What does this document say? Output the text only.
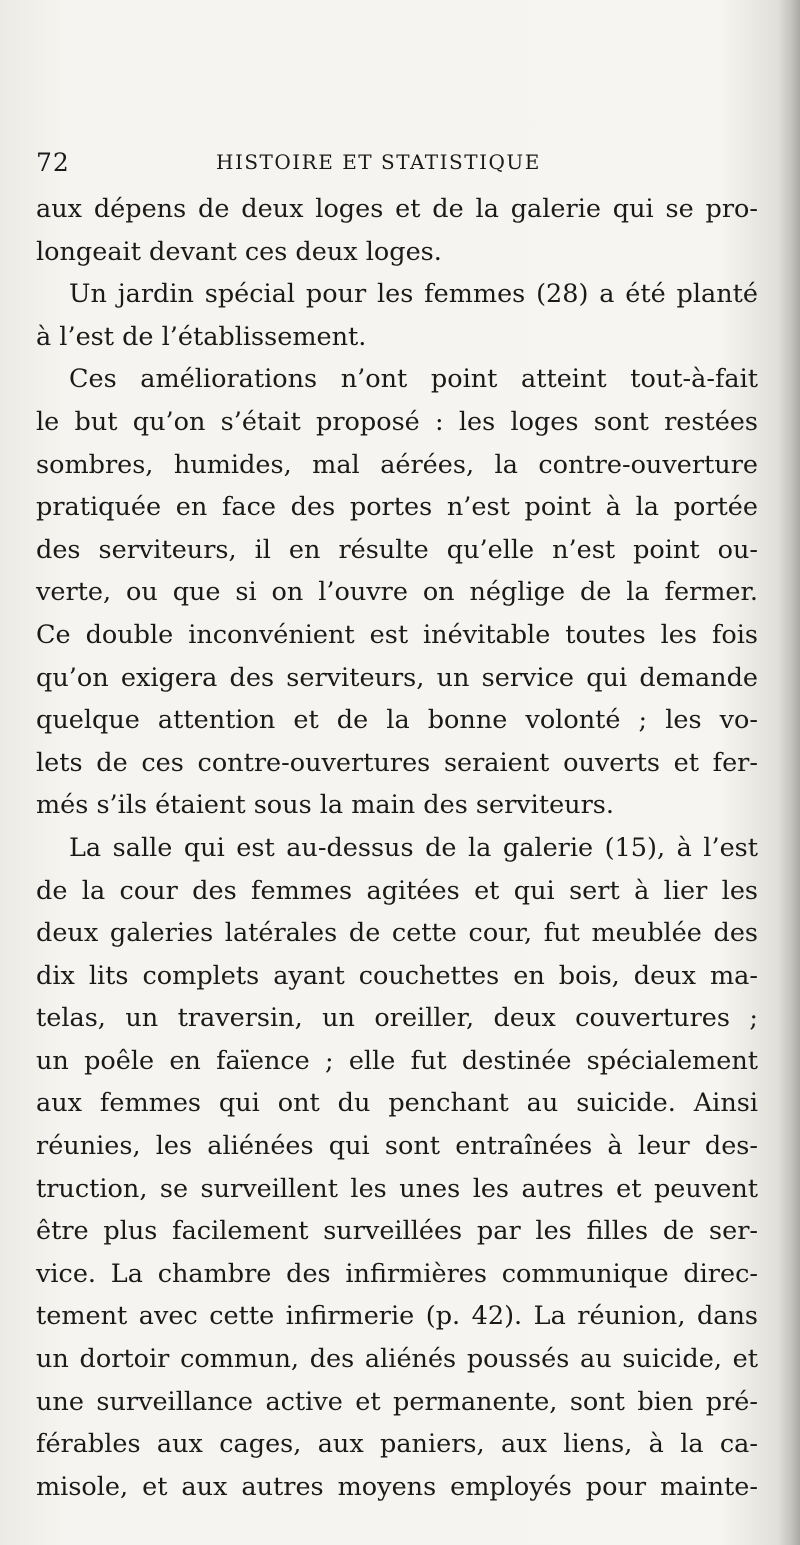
72	HISTOIRE ET STATISTIQUE
aux dépens de deux loges et de la galerie qui se pro-
longeait devant ces deux loges.
Un jardin spécial pour les femmes (28) a été planté
à l’est de l’établissement.
Ces améliorations n’ont point atteint tout-à-fait
le but qu’on s’était proposé : les loges sont restées
sombres, humides, mal aérées, la contre-ouverture
pratiquée en face des portes n’est point à la portée
des serviteurs, il en résulte qu’elle n’est point ou-
verte, ou que si on l’ouvre on néglige de la fermer.
Ce double inconvénient est inévitable toutes les fois
qu’on exigera des serviteurs, un service qui demande
quelque attention et de la bonne volonté ; les vo-
lets de ces contre-ouvertures seraient ouverts et fer-
més s’ils étaient sous la main des serviteurs.
La salle qui est au-dessus de la galerie (15), à l’est
de la cour des femmes agitées et qui sert à lier les
deux galeries latérales de cette cour, fut meublée des
dix lits complets ayant couchettes en bois, deux ma-
telas, un traversin, un oreiller, deux couvertures ;
un poêle en faïence ; elle fut destinée spécialement
aux femmes qui ont du penchant au suicide. Ainsi
réunies, les aliénées qui sont entraînées à leur des-
truction, se surveillent les unes les autres et peuvent
être plus facilement surveillées par les filles de ser-
vice. La chambre des infirmières communique direc-
tement avec cette infirmerie (p. 42). La réunion, dans
un dortoir commun, des aliénés poussés au suicide, et
une surveillance active et permanente, sont bien pré-
férables aux cages, aux paniers, aux liens, à la ca-
misole, et aux autres moyens employés pour mainte-
